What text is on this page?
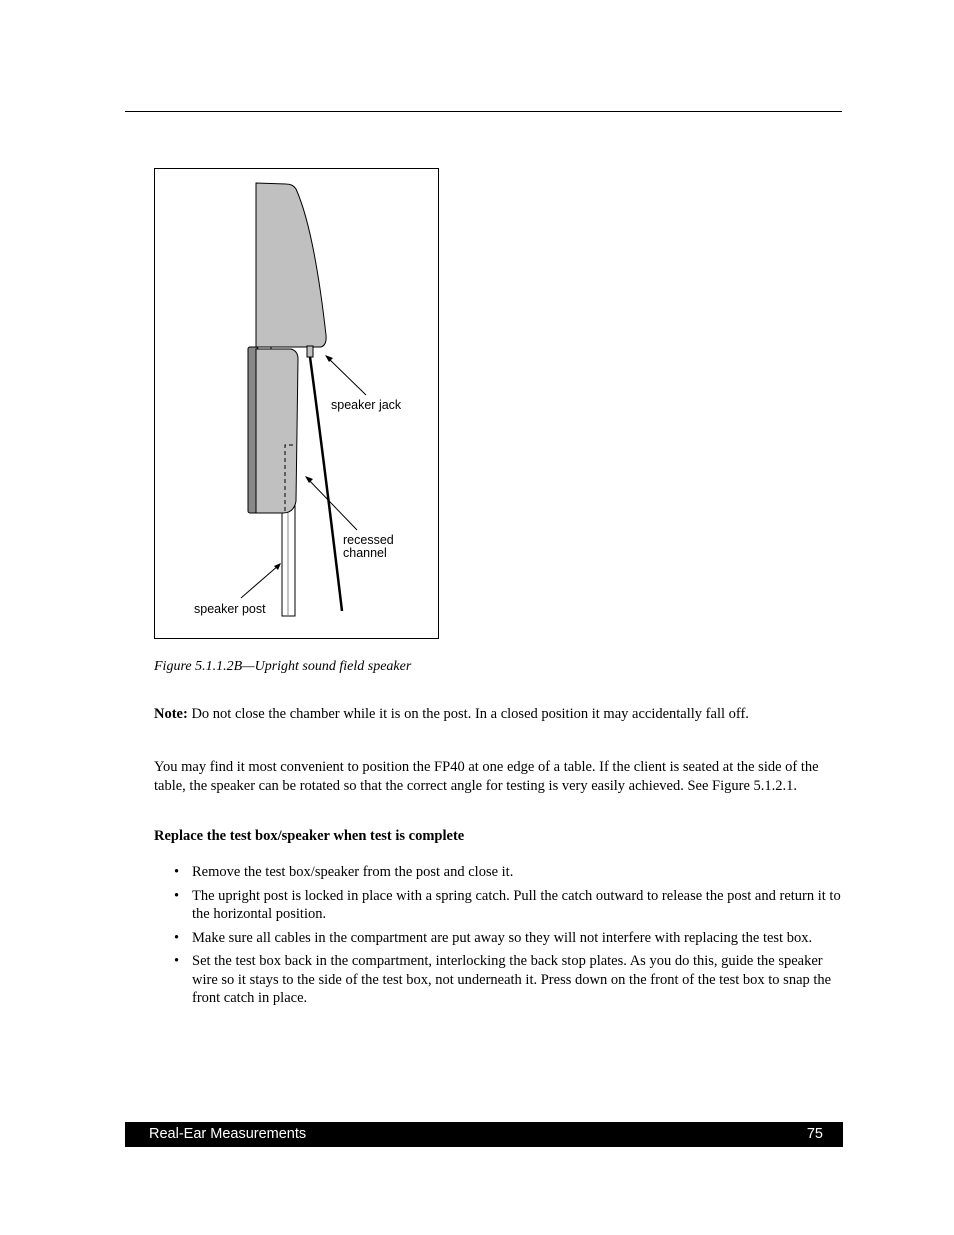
speaker jack
recessed
channel
speaker post
Figure 5.1.1.2B—Upright sound field speaker
Note: Do not close the chamber while it is on the post. In a closed position it may accidentally fall off.
You may find it most convenient to position the FP40 at one edge of a table. If the client is seated at the side of the table, the speaker can be rotated so that the correct angle for testing is very easily achieved. See Figure 5.1.2.1.
Replace the test box/speaker when test is complete
• Remove the test box/speaker from the post and close it.
• The upright post is locked in place with a spring catch. Pull the catch outward to release the post and return it to the horizontal position.
• Make sure all cables in the compartment are put away so they will not interfere with replacing the test box.
• Set the test box back in the compartment, interlocking the back stop plates. As you do this, guide the speaker wire so it stays to the side of the test box, not underneath it. Press down on the front of the test box to snap the front catch in place.
Real-Ear Measurements	75
